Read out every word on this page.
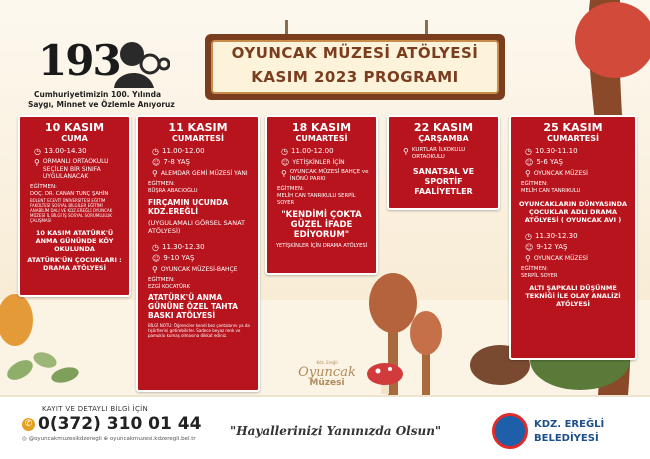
193
Cumhuriyetimizin 100. Yılında
Saygı, Minnet ve Özlemle Anıyoruz
OYUNCAK MÜZESİ ATÖLYESİ
KASIM 2023 PROGRAMI
10 KASIM
CUMA
◷ 13.00-14.30
⚲ ORMANLI ORTAOKULU SEÇİLEN BİR SINIFA UYGULANACAK
EĞİTMEN:
DOÇ. DR. CANAN TUNÇ ŞAHİN
BÜLENT ECEVİT ÜNİVERSİTESİ EĞİTİM FAKÜLTESİ SOSYAL BİLGİLER EĞİTİMİ ANABİLİM DALI VE KDZ.EREĞLİ OYUNCAK MÜZESİ İL BİLGİ İŞ SOSYAL SORUMLULUK ÇALIŞMASI
10 KASIM ATATÜRK'Ü ANMA GÜNÜNDE KÖY OKULUNDA
ATATÜRK'ÜN ÇOCUKLARI : DRAMA ATÖLYESİ
11 KASIM
CUMARTESİ
◷ 11.00-12.00
☺ 7-8 YAŞ
⚲ ALEMDAR GEMİ MÜZESİ YANI
EĞİTMEN:
BÜŞRA ABACIOĞLU
FIRÇAMIN UCUNDA KDZ.EREĞLİ
(UYGULAMALI GÖRSEL SANAT ATÖLYESİ)
◷ 11.30-12.30
☺ 9-10 YAŞ
⚲ OYUNCAK MÜZESİ-BAHÇE
EĞİTMEN:
EZGİ KOCATÜRK
ATATÜRK'Ü ANMA GÜNÜNE ÖZEL TAHTA BASKI ATÖLYESİ
BİLGİ NOTU: Öğrenciler kendi bez çantalarını ya da tişörtlerini getirebilirler. Sadece beyaz renk ve pamuklu kumaş olmasına dikkat ediniz.
18 KASIM
CUMARTESİ
◷ 11.00-12.00
☺ YETİŞKİNLER İÇİN
⚲ OYUNCAK MÜZESİ BAHÇE ve İNÖNÜ PARKI
EĞİTMEN:
MELİH CAN TANRIKULU SERPİL SOYER
"KENDİMİ ÇOKTA GÜZEL İFADE EDİYORUM"
YETİŞKİNLER İÇİN DRAMA ATÖLYESİ
22 KASIM
ÇARŞAMBA
⚲ KURTLAR İLKOKULU ORTAOKULU
SANATSAL VE SPORTİF FAALİYETLER
25 KASIM
CUMARTESİ
◷ 10.30-11.10
☺ 5-6 YAŞ
⚲ OYUNCAK MÜZESİ
EĞİTMEN:
MELİH CAN TANRIKULU
OYUNCAKLARIN DÜNYASINDA ÇOCUKLAR ADLI DRAMA ATÖLYESİ ( OYUNCAK AVI )
◷ 11.30-12.30
☺ 9-12 YAŞ
⚲ OYUNCAK MÜZESİ
EĞİTMEN:
SERPİL SOYER
ALTI ŞAPKALI DÜŞÜNME TEKNİĞİ İLE OLAY ANALİZİ ATÖLYESİ
KAYIT VE DETAYLI BİLGİ İÇİN
✆ 0(372) 310 01 44
◎ @oyuncakmuzesikdzeregli ⊕ oyuncakmuzesi.kdzeregli.bel.tr
Kdz. Ereğli
Oyuncak
Müzesi
"Hayallerinizi Yanınızda Olsun"	KDZ. EREĞLİ
BELEDİYESİ
